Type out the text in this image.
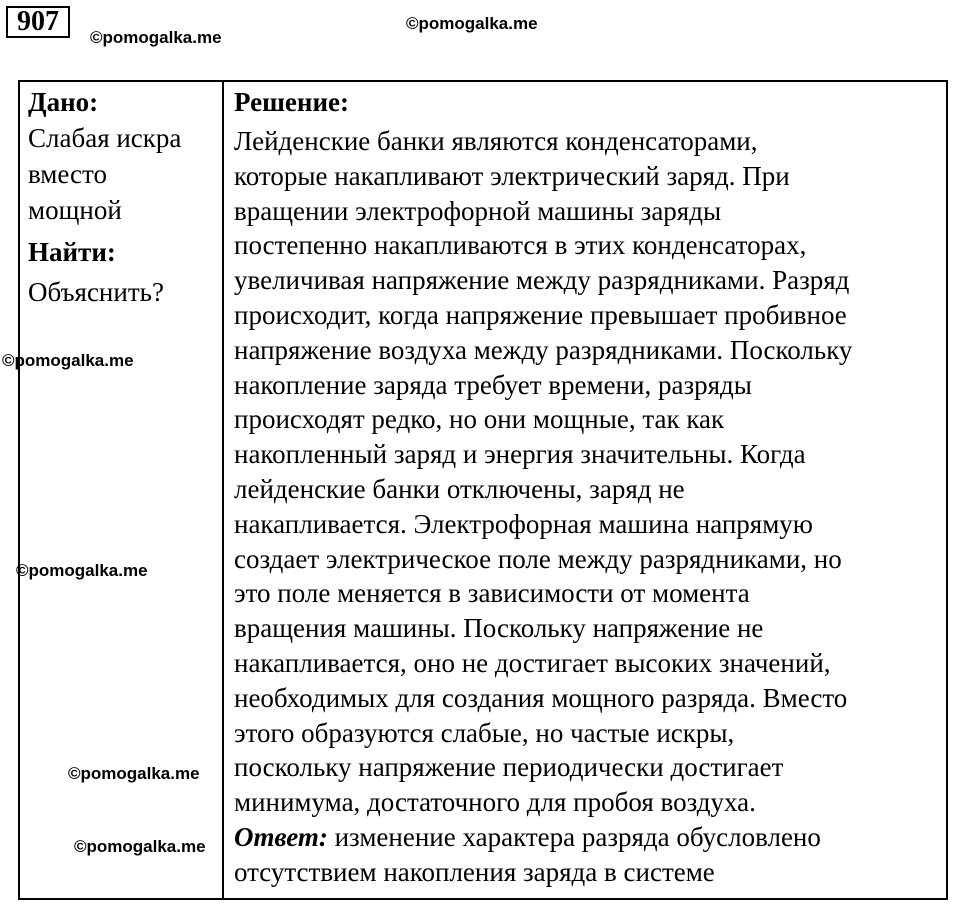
907
©pomogalka.me
©pomogalka.me
©pomogalka.me
©pomogalka.me
©pomogalka.me
©pomogalka.me
Дано:
Слабая искра
вместо
мощной
Найти:
Объяснить?
Решение:
Лейденские банки являются конденсаторами,
которые накапливают электрический заряд. При
вращении электрофорной машины заряды
постепенно накапливаются в этих конденсаторах,
увеличивая напряжение между разрядниками. Разряд
происходит, когда напряжение превышает пробивное
напряжение воздуха между разрядниками. Поскольку
накопление заряда требует времени, разряды
происходят редко, но они мощные, так как
накопленный заряд и энергия значительны. Когда
лейденские банки отключены, заряд не
накапливается. Электрофорная машина напрямую
создает электрическое поле между разрядниками, но
это поле меняется в зависимости от момента
вращения машины. Поскольку напряжение не
накапливается, оно не достигает высоких значений,
необходимых для создания мощного разряда. Вместо
этого образуются слабые, но частые искры,
поскольку напряжение периодически достигает
минимума, достаточного для пробоя воздуха.
Ответ: изменение характера разряда обусловлено
отсутствием накопления заряда в системе
